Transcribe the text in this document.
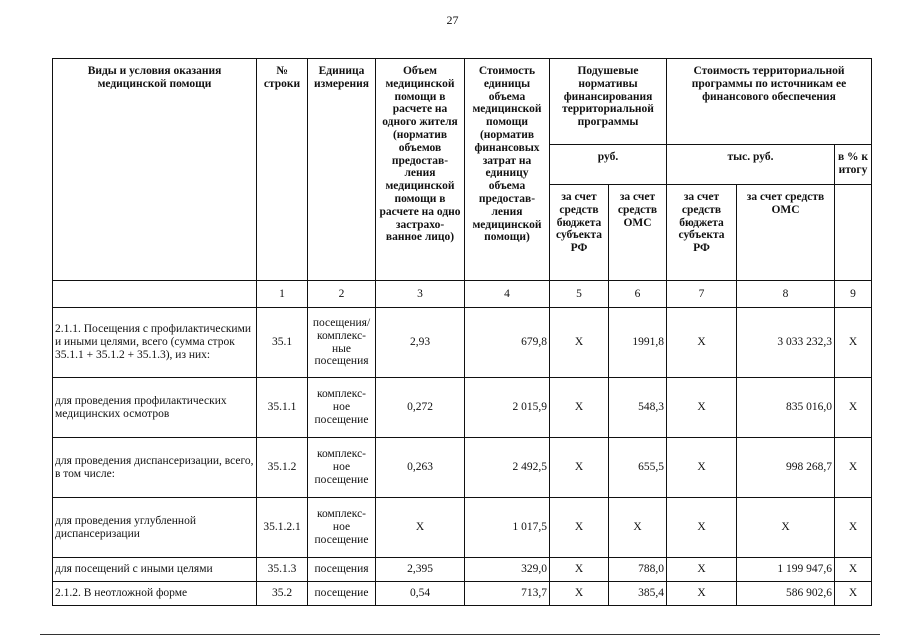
27
Виды и условия оказания медицинской помощи	№ строки	Единица измерения	Объем медицинской помощи в расчете на одного жителя (норматив объемов предостав-ления медицинской помощи в расчете на одно застрахо-ванное лицо)	Стоимость единицы объема медицинской помощи (норматив финансовых затрат на единицу объема предостав-ления медицинской помощи)	Подушевые нормативы финансирования территориальной программы		Стоимость территориальной программы по источникам ее финансового обеспечения		
					руб.		тыс. руб.		в % к итогу
					за счет средств бюджета субъекта РФ	за счет средств ОМС	за счет средств бюджета субъекта РФ	за счет средств ОМС	
	1	2	3	4	5	6	7	8	9
2.1.1. Посещения с профилактическими и иными целями, всего (сумма строк 35.1.1 + 35.1.2 + 35.1.3), из них:	35.1	посещения/ комплекс-ные посещения	2,93	679,8	X	1991,8	X	3 033 232,3	X
для проведения профилактических медицинских осмотров	35.1.1	комплекс-ное посещение	0,272	2 015,9	X	548,3	X	835 016,0	X
для проведения диспансеризации, всего, в том числе:	35.1.2	комплекс-ное посещение	0,263	2 492,5	X	655,5	X	998 268,7	X
для проведения углубленной диспансеризации	35.1.2.1	комплекс-ное посещение	X	1 017,5	X	X	X	X	X
для посещений с иными целями	35.1.3	посещения	2,395	329,0	X	788,0	X	1 199 947,6	X
2.1.2. В неотложной форме	35.2	посещение	0,54	713,7	X	385,4	X	586 902,6	X
